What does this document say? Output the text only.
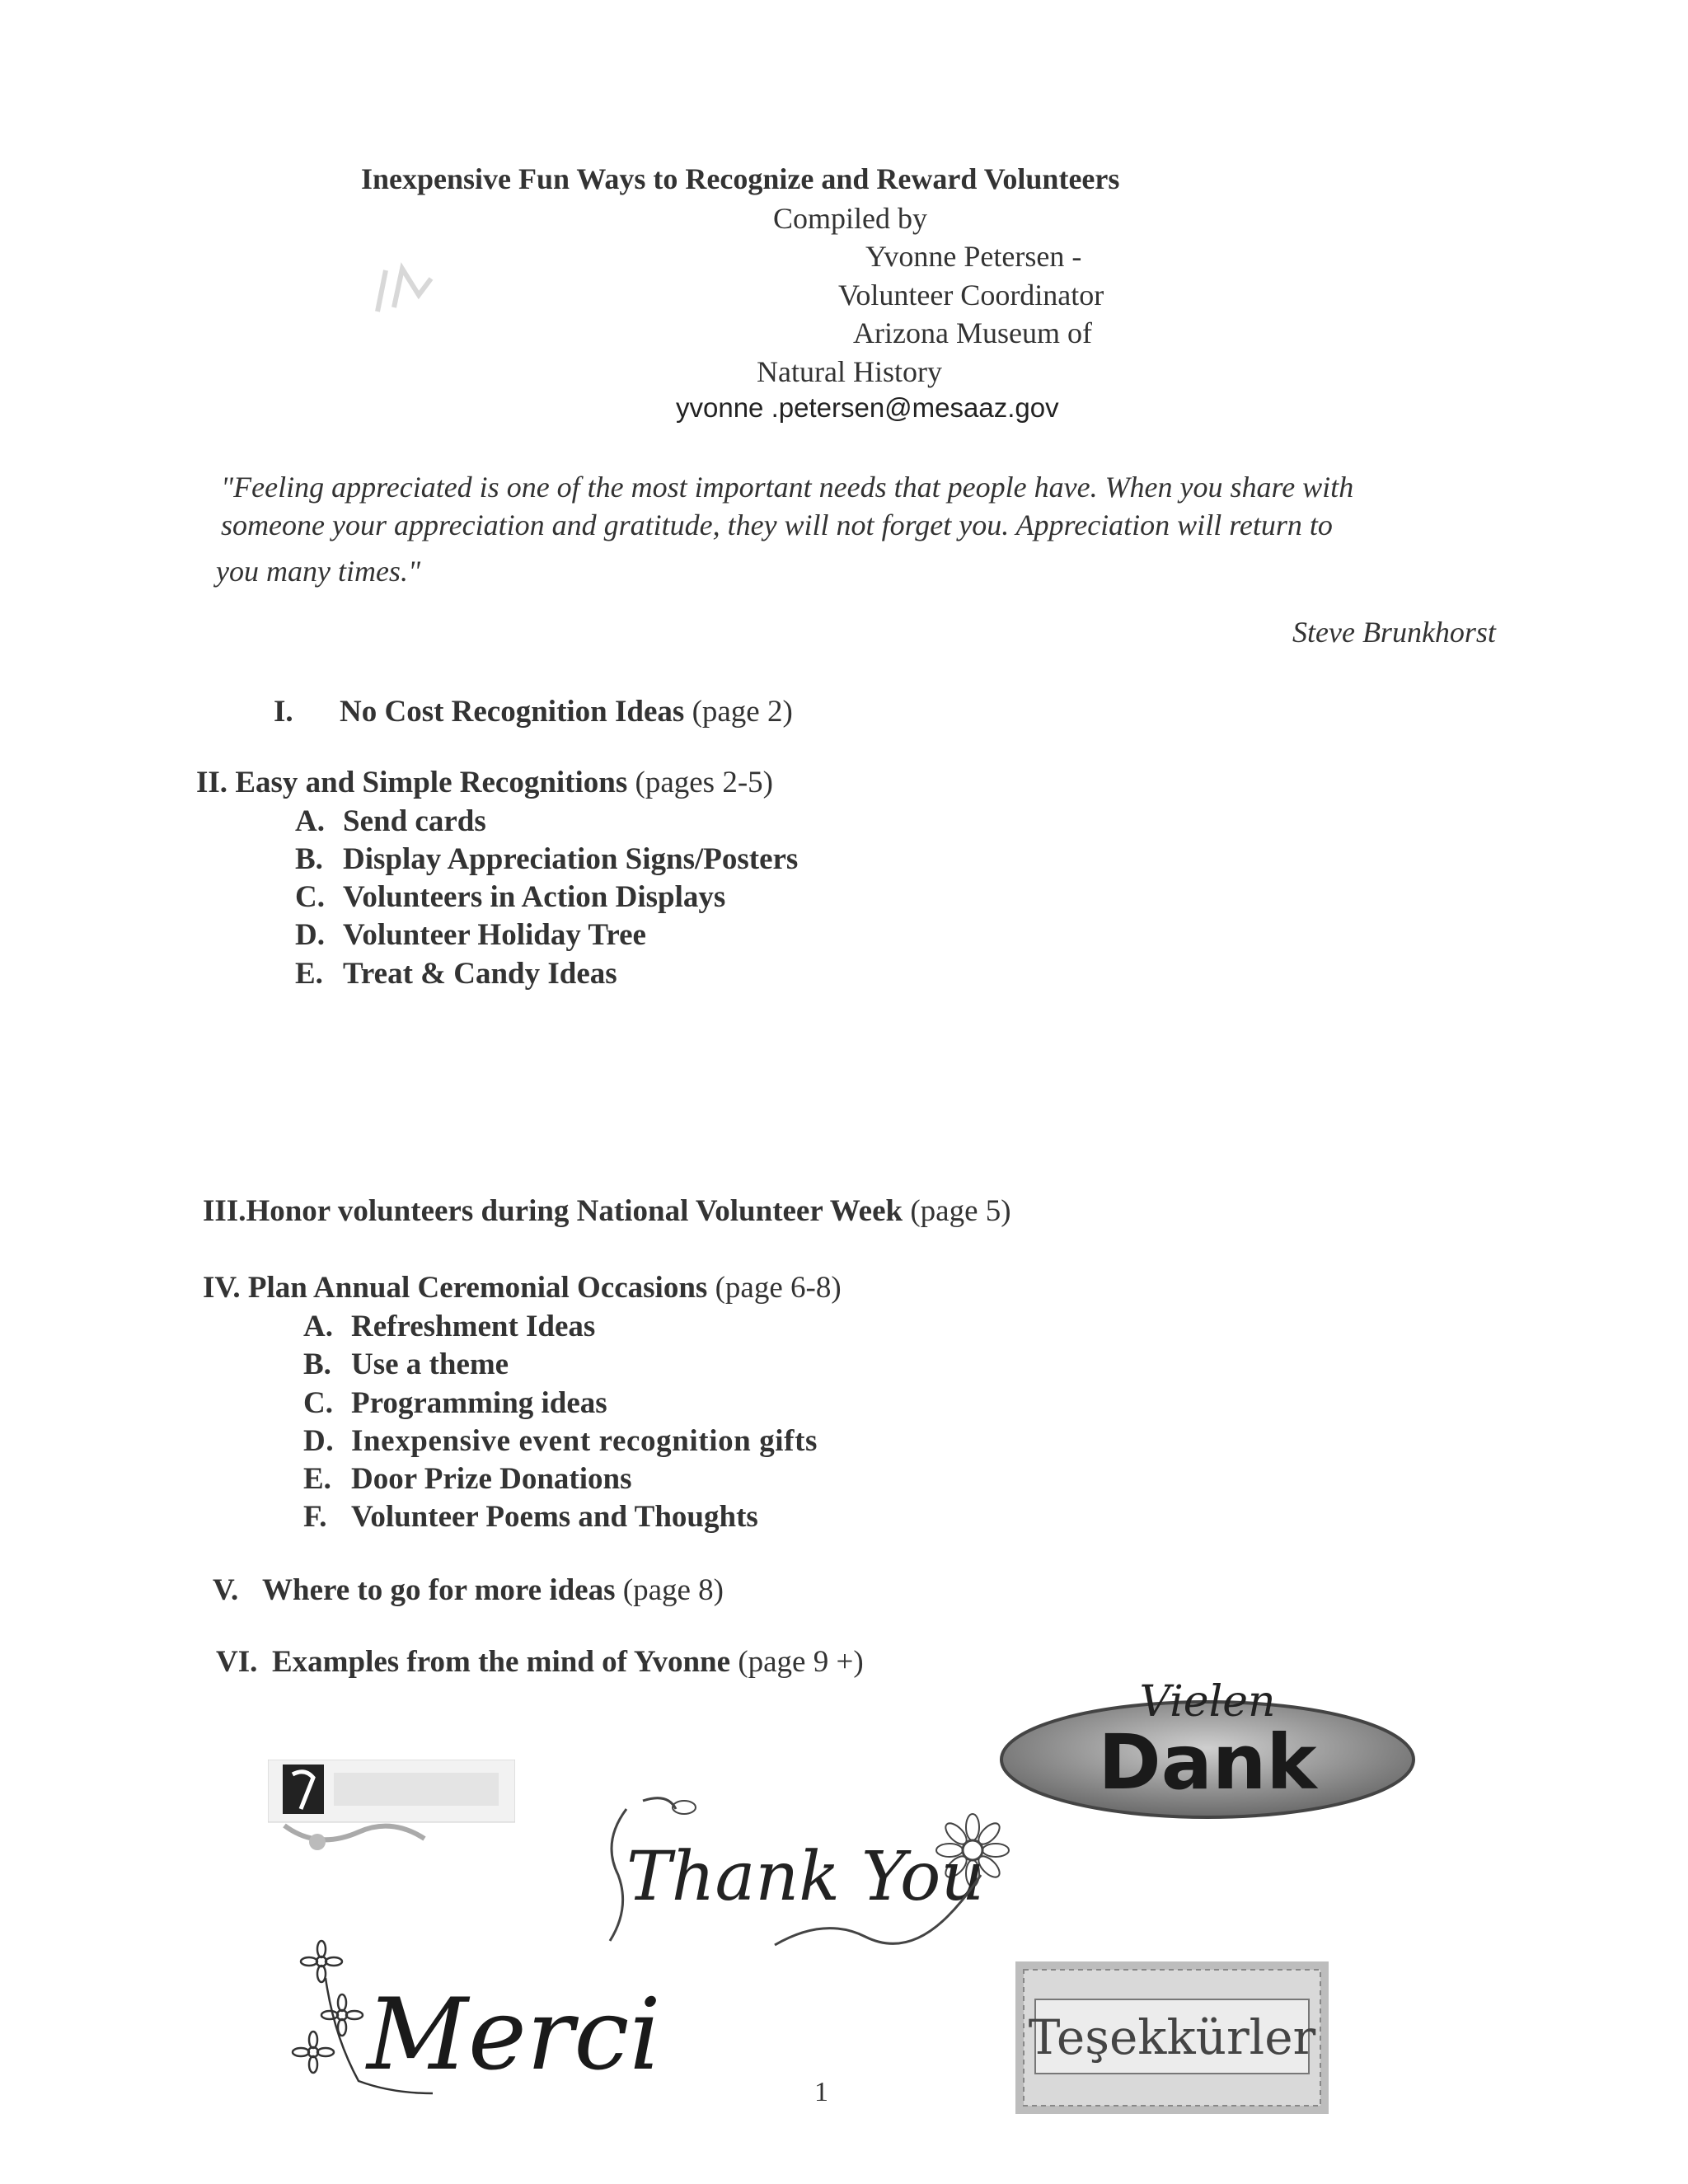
Inexpensive Fun Ways to Recognize and Reward Volunteers
Compiled by
Yvonne Petersen -
Volunteer Coordinator
Arizona Museum of
Natural History
yvonne .petersen@mesaaz.gov
"Feeling appreciated is one of the most important needs that people have. When you share with
someone your appreciation and gratitude, they will not forget you. Appreciation will return to
you many times."
Steve Brunkhorst
I. No Cost Recognition Ideas (page 2)
II. Easy and Simple Recognitions (pages 2-5)
A. Send cards
B. Display Appreciation Signs/Posters
C. Volunteers in Action Displays
D. Volunteer Holiday Tree
E. Treat & Candy Ideas
III.Honor volunteers during National Volunteer Week (page 5)
IV. Plan Annual Ceremonial Occasions (page 6-8)
A. Refreshment Ideas
B. Use a theme
C. Programming ideas
D. Inexpensive event recognition gifts
E. Door Prize Donations
F. Volunteer Poems and Thoughts
V. Where to go for more ideas (page 8)
VI. Examples from the mind of Yvonne (page 9 +)
Vielen
Dank
Thank You
Merci	Teşekkürler
1
